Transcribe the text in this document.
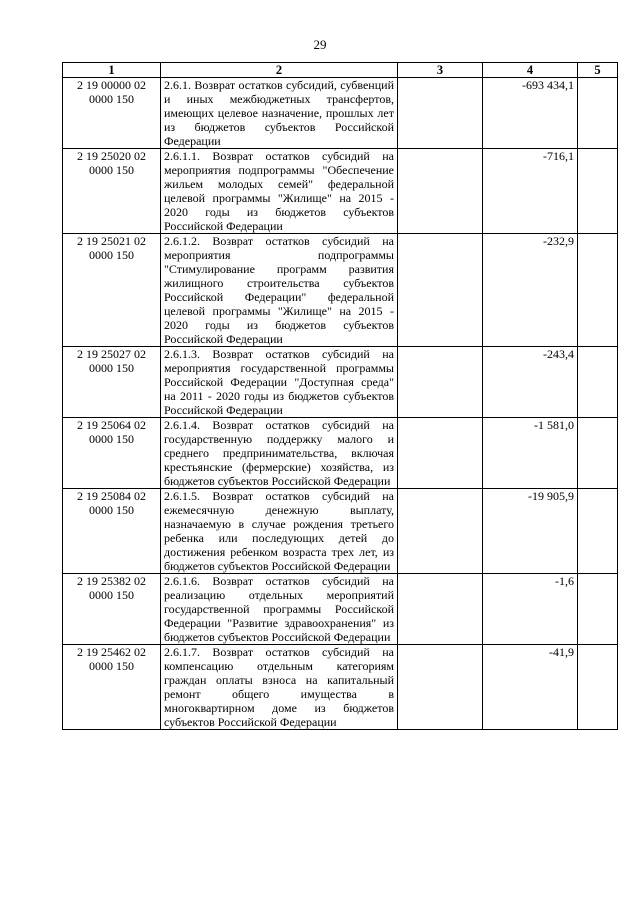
29
1	2	3	4	5
2 19 00000 02 0000 150	2.6.1. Возврат остатков субсидий, субвенций и иных межбюджетных трансфертов, имеющих целевое назначение, прошлых лет из бюджетов субъектов Российской Федерации		-693 434,1	
2 19 25020 02 0000 150	2.6.1.1. Возврат остатков субсидий на мероприятия подпрограммы "Обеспечение жильем молодых семей" федеральной целевой программы "Жилище" на 2015 - 2020 годы из бюджетов субъектов Российской Федерации		-716,1	
2 19 25021 02 0000 150	2.6.1.2. Возврат остатков субсидий на мероприятия подпрограммы "Стимулирование программ развития жилищного строительства субъектов Российской Федерации" федеральной целевой программы "Жилище" на 2015 - 2020 годы из бюджетов субъектов Российской Федерации		-232,9	
2 19 25027 02 0000 150	2.6.1.3. Возврат остатков субсидий на мероприятия государственной программы Российской Федерации "Доступная среда" на 2011 - 2020 годы из бюджетов субъектов Российской Федерации		-243,4	
2 19 25064 02 0000 150	2.6.1.4. Возврат остатков субсидий на государственную поддержку малого и среднего предпринимательства, включая крестьянские (фермерские) хозяйства, из бюджетов субъектов Российской Федерации		-1 581,0	
2 19 25084 02 0000 150	2.6.1.5. Возврат остатков субсидий на ежемесячную денежную выплату, назначаемую в случае рождения третьего ребенка или последующих детей до достижения ребенком возраста трех лет, из бюджетов субъектов Российской Федерации		-19 905,9	
2 19 25382 02 0000 150	2.6.1.6. Возврат остатков субсидий на реализацию отдельных мероприятий государственной программы Российской Федерации "Развитие здравоохранения" из бюджетов субъектов Российской Федерации		-1,6	
2 19 25462 02 0000 150	2.6.1.7. Возврат остатков субсидий на компенсацию отдельным категориям граждан оплаты взноса на капитальный ремонт общего имущества в многоквартирном доме из бюджетов субъектов Российской Федерации		-41,9	
